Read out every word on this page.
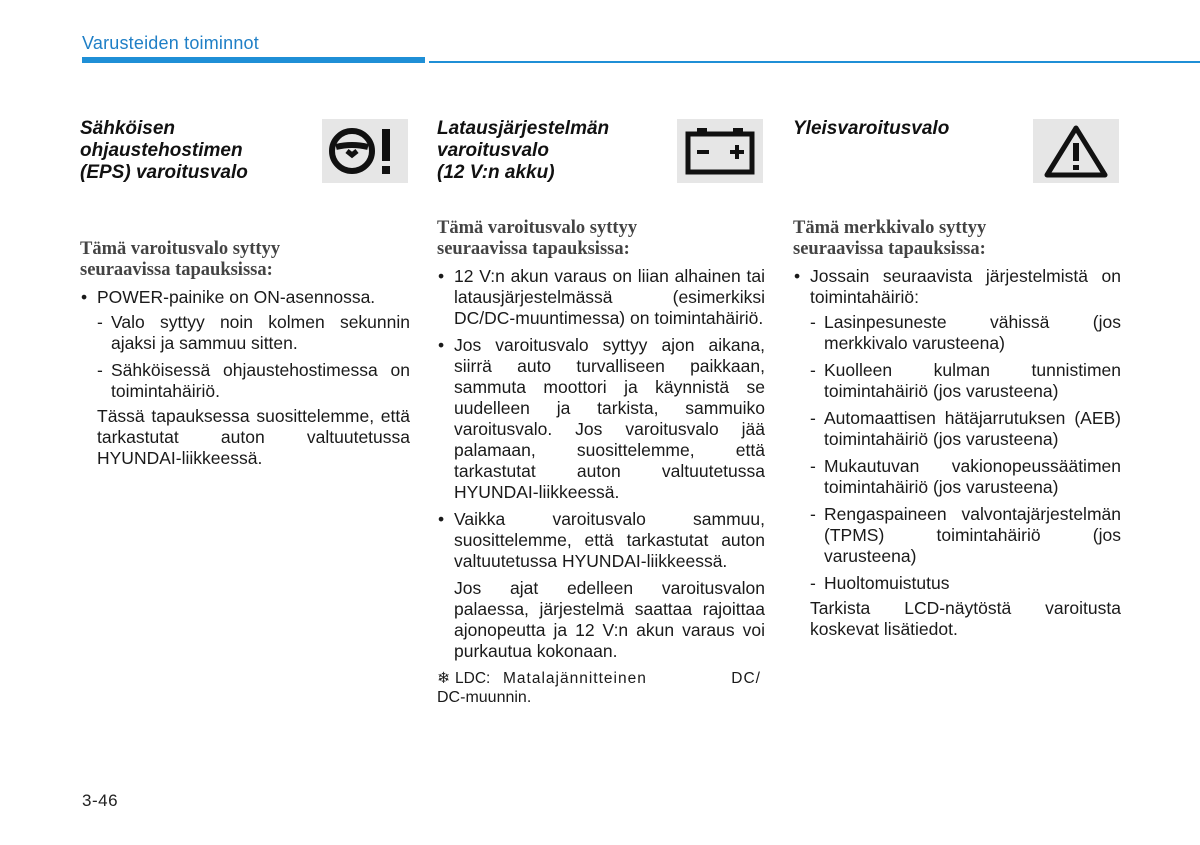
Varusteiden toiminnot
Sähköisen
ohjaustehostimen
(EPS) varoitusvalo
Tämä varoitusvalo syttyy
seuraavissa tapauksissa:
• POWER-painike on ON-asennossa.
- Valo syttyy noin kolmen sekunnin ajaksi ja sammuu sitten.
- Sähköisessä ohjaustehostimessa on toimintahäiriö.

Tässä tapauksessa suosittelemme, että tarkastutat auton valtuutetussa HYUNDAI-liikkeessä.

Latausjärjestelmän
varoitusvalo
(12 V:n akku)
Tämä varoitusvalo syttyy
seuraavissa tapauksissa:
• 12 V:n akun varaus on liian alhainen tai latausjärjestelmässä (esimerkiksi DC/DC-muuntimessa) on toimintahäiriö.
• Jos varoitusvalo syttyy ajon aikana, siirrä auto turvalliseen paikkaan, sammuta moottori ja käynnistä se uudelleen ja tarkista, sammuiko varoitusvalo. Jos varoitusvalo jää palamaan, suosittelemme, että tarkastutat auton valtuutetussa HYUNDAI-liikkeessä.
• Vaikka varoitusvalo sammuu, suosittelemme, että tarkastutat auton valtuutetussa HYUNDAI-liikkeessä.

Jos ajat edelleen varoitusvalon palaessa, järjestelmä saattaa rajoittaa ajonopeutta ja 12 V:n akun varaus voi purkautua kokonaan.

❄ LDC: Matalajännitteinen	DC/
DC-muunnin.
Yleisvaroitusvalo
Tämä merkkivalo syttyy
seuraavissa tapauksissa:
• Jossain seuraavista järjestelmistä on toimintahäiriö:
- Lasinpesuneste vähissä (jos merkkivalo varusteena)
- Kuolleen kulman tunnistimen toimintahäiriö (jos varusteena)
- Automaattisen hätäjarrutuksen (AEB) toimintahäiriö (jos varusteena)
- Mukautuvan vakionopeussäätimen toimintahäiriö (jos varusteena)
- Rengaspaineen valvontajärjestelmän (TPMS) toimintahäiriö (jos varusteena)
- Huoltomuistutus

Tarkista LCD-näytöstä varoitusta koskevat lisätiedot.

3-46
